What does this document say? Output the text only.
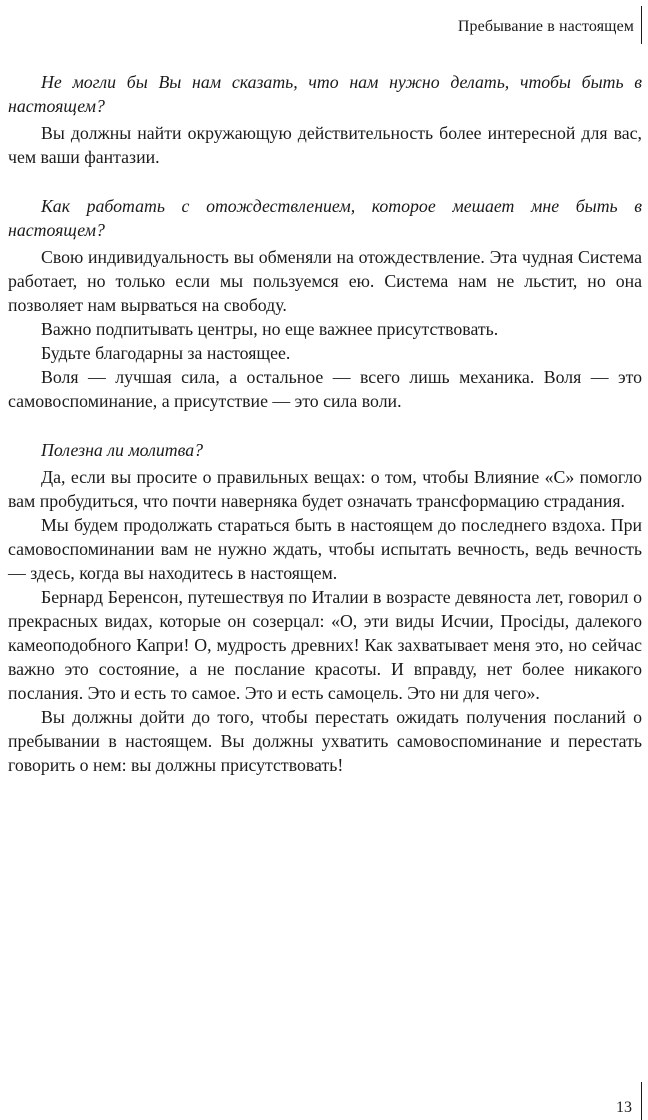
Пребывание в настоящем

Не могли бы Вы нам сказать, что нам нужно делать, чтобы быть в настоящем?

Вы должны найти окружающую действительность более интересной для вас, чем ваши фантазии.

Как работать с отождествлением, которое мешает мне быть в настоящем?

Свою индивидуальность вы обменяли на отождествление. Эта чудная Система работает, но только если мы пользуемся ею. Система нам не льстит, но она позволяет нам вырваться на свободу.

Важно подпитывать центры, но еще важнее присутствовать.

Будьте благодарны за настоящее.

Воля — лучшая сила, а остальное — всего лишь механика. Воля — это самовоспоминание, а присутствие — это сила воли.

Полезна ли молитва?

Да, если вы просите о правильных вещах: о том, чтобы Влияние «С» помогло вам пробудиться, что почти наверняка будет означать трансформацию страдания.

Мы будем продолжать стараться быть в настоящем до последнего вздоха. При самовоспоминании вам не нужно ждать, чтобы испытать вечность, ведь вечность — здесь, когда вы находитесь в настоящем.

Бернард Беренсон, путешествуя по Италии в возрасте девяноста лет, говорил о прекрасных видах, которые он созерцал: «О, эти виды Исчии, Прociды, далекого камеоподобного Капри! О, мудрость древних! Как захватывает меня это, но сейчас важно это состояние, а не послание красоты. И вправду, нет более никакого послания. Это и есть то самое. Это и есть самоцель. Это ни для чего».

Вы должны дойти до того, чтобы перестать ожидать получения посланий о пребывании в настоящем. Вы должны ухватить самовоспоминание и перестать говорить о нем: вы должны присутствовать!

13
